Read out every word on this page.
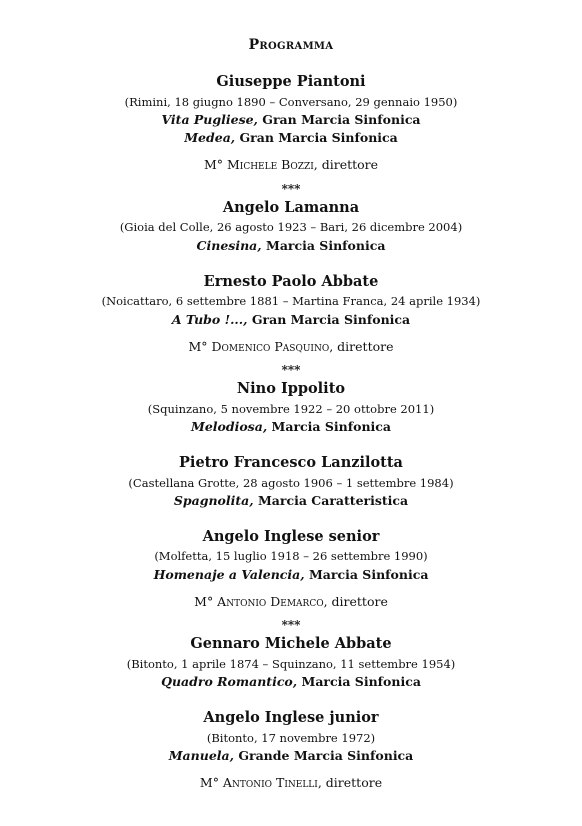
Programma
Giuseppe Piantoni
(Rimini, 18 giugno 1890 – Conversano, 29 gennaio 1950)
Vita Pugliese, Gran Marcia Sinfonica
Medea, Gran Marcia Sinfonica
M° Michele Bozzi, direttore
***
Angelo Lamanna
(Gioia del Colle, 26 agosto 1923 – Bari, 26 dicembre 2004)
Cinesina, Marcia Sinfonica
Ernesto Paolo Abbate
(Noicattaro, 6 settembre 1881 – Martina Franca, 24 aprile 1934)
A Tubo !..., Gran Marcia Sinfonica
M° Domenico Pasquino, direttore
***
Nino Ippolito
(Squinzano, 5 novembre 1922 – 20 ottobre 2011)
Melodiosa, Marcia Sinfonica
Pietro Francesco Lanzilotta
(Castellana Grotte, 28 agosto 1906 – 1 settembre 1984)
Spagnolita, Marcia Caratteristica
Angelo Inglese senior
(Molfetta, 15 luglio 1918 – 26 settembre 1990)
Homenaje a Valencia, Marcia Sinfonica
M° Antonio Demarco, direttore
***
Gennaro Michele Abbate
(Bitonto, 1 aprile 1874 – Squinzano, 11 settembre 1954)
Quadro Romantico, Marcia Sinfonica
Angelo Inglese junior
(Bitonto, 17 novembre 1972)
Manuela, Grande Marcia Sinfonica
M° Antonio Tinelli, direttore
